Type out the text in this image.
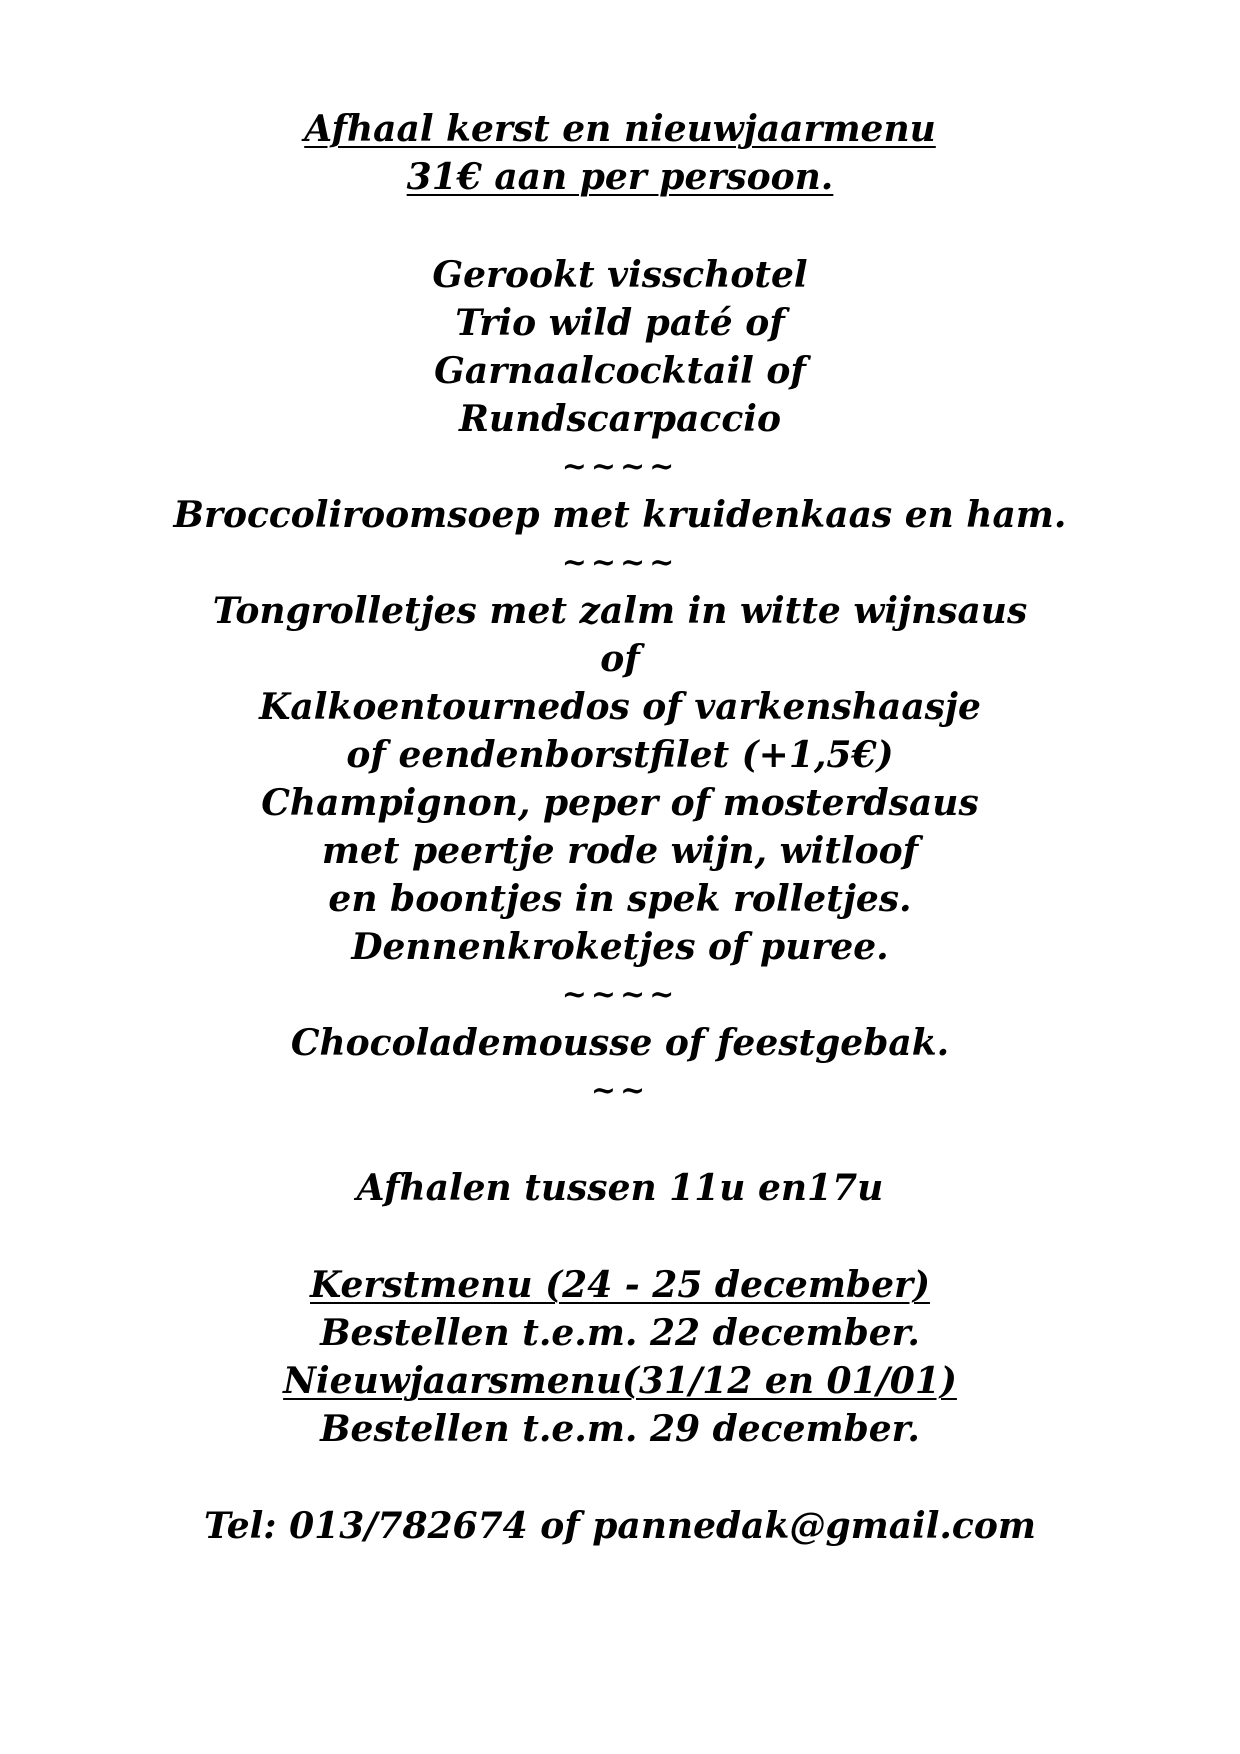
Afhaal kerst en nieuwjaarmenu
31€ aan per persoon.
Gerookt visschotel
Trio wild paté of
Garnaalcocktail of
Rundscarpaccio
~~~~
Broccoliroomsoep met kruidenkaas en ham.
~~~~
Tongrolletjes met zalm in witte wijnsaus
of
Kalkoentournedos of varkenshaasje
of eendenborstfilet (+1,5€)
Champignon, peper of mosterdsaus
met peertje rode wijn, witloof
en boontjes in spek rolletjes.
Dennenkroketjes of puree.
~~~~
Chocolademousse of feestgebak.
~~
Afhalen tussen 11u en17u
Kerstmenu (24 - 25 december)
Bestellen t.e.m. 22 december.
Nieuwjaarsmenu(31/12 en 01/01)
Bestellen t.e.m. 29 december.
Tel: 013/782674 of pannedak@gmail.com
